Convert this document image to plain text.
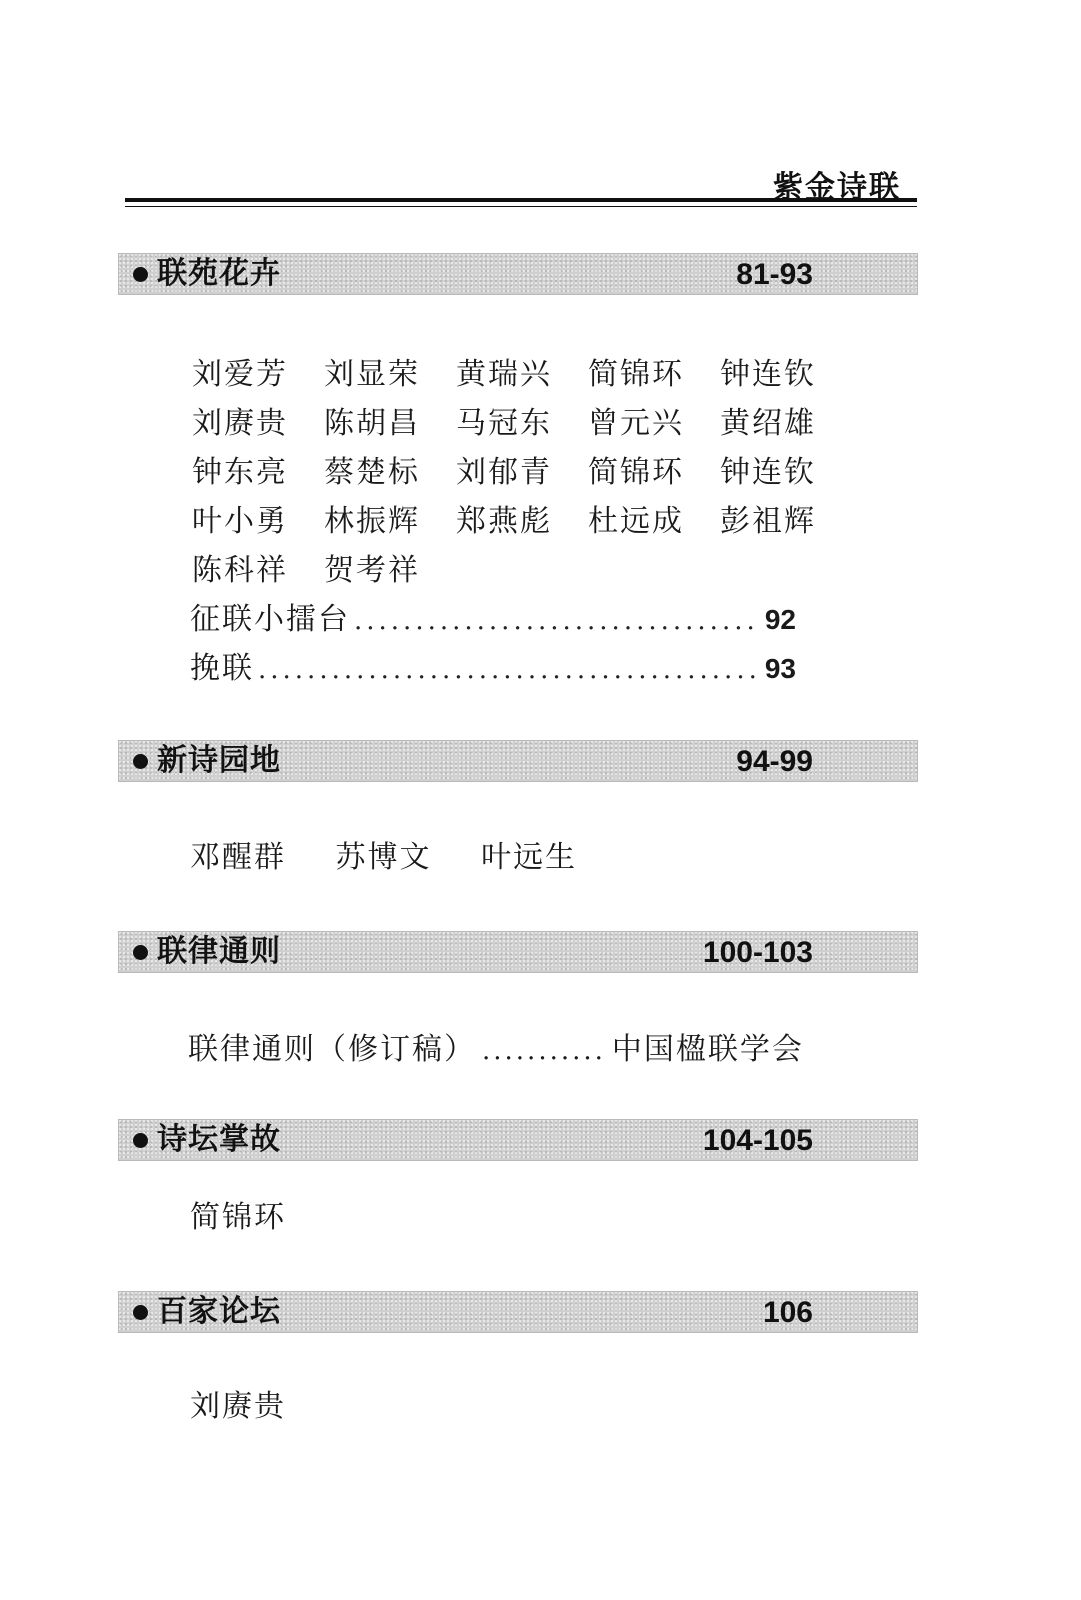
紫金诗联
联苑花卉	81-93
刘爱芳	刘显荣	黄瑞兴	简锦环	钟连钦
刘赓贵	陈胡昌	马冠东	曾元兴	黄绍雄
钟东亮	蔡楚标	刘郁青	简锦环	钟连钦
叶小勇	林振辉	郑燕彪	杜远成	彭祖辉
陈科祥	贺考祥
征联小擂台 .....	92
挽联 .....	93
新诗园地	94-99
邓醒群 苏博文 叶远生
联律通则	100-103
联律通则（修订稿） ........... 中国楹联学会
诗坛掌故	104-105
简锦环
百家论坛	106
刘赓贵
